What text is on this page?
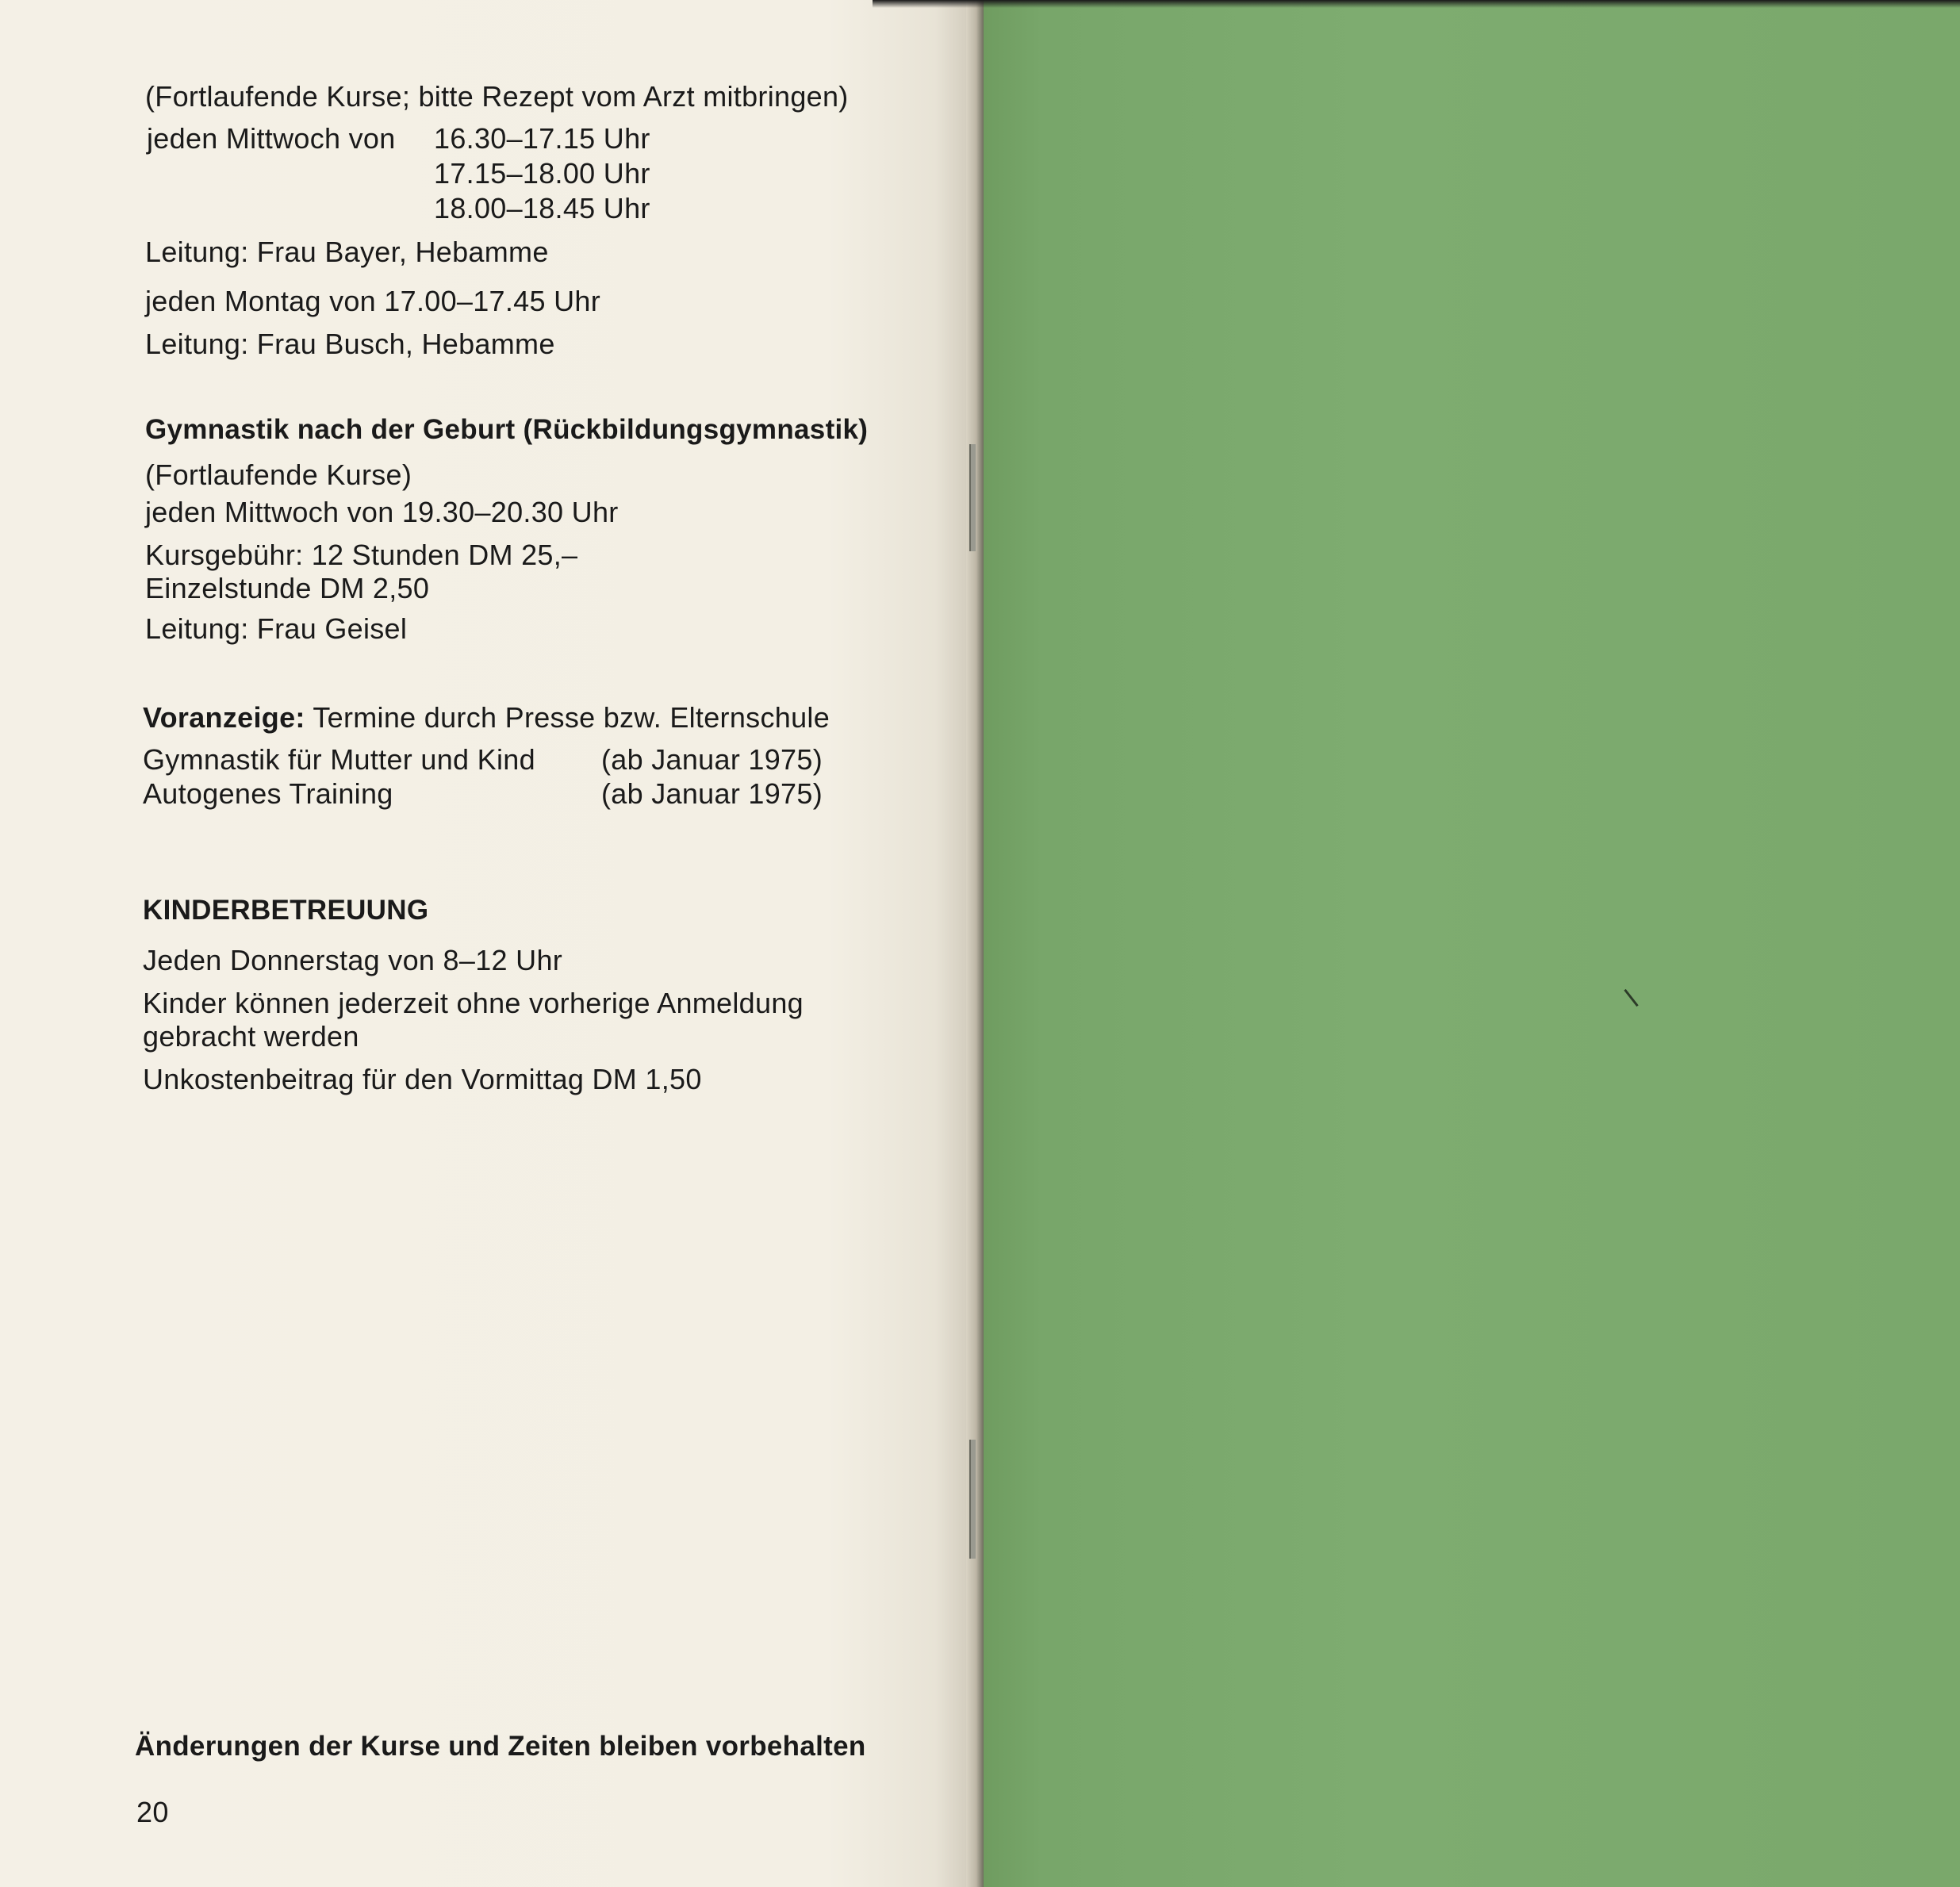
(Fortlaufende Kurse; bitte Rezept vom Arzt mitbringen)
jeden Mittwoch von 16.30–17.15 Uhr
17.15–18.00 Uhr
18.00–18.45 Uhr
Leitung: Frau Bayer, Hebamme
jeden Montag von 17.00–17.45 Uhr
Leitung: Frau Busch, Hebamme
Gymnastik nach der Geburt (Rückbildungsgymnastik)
(Fortlaufende Kurse)
jeden Mittwoch von 19.30–20.30 Uhr
Kursgebühr: 12 Stunden DM 25,–
Einzelstunde DM 2,50
Leitung: Frau Geisel
Voranzeige: Termine durch Presse bzw. Elternschule
Gymnastik für Mutter und Kind (ab Januar 1975)
Autogenes Training	(ab Januar 1975)
KINDERBETREUUNG
Jeden Donnerstag von 8–12 Uhr
Kinder können jederzeit ohne vorherige Anmeldung
gebracht werden
Unkostenbeitrag für den Vormittag DM 1,50
Änderungen der Kurse und Zeiten bleiben vorbehalten
20
